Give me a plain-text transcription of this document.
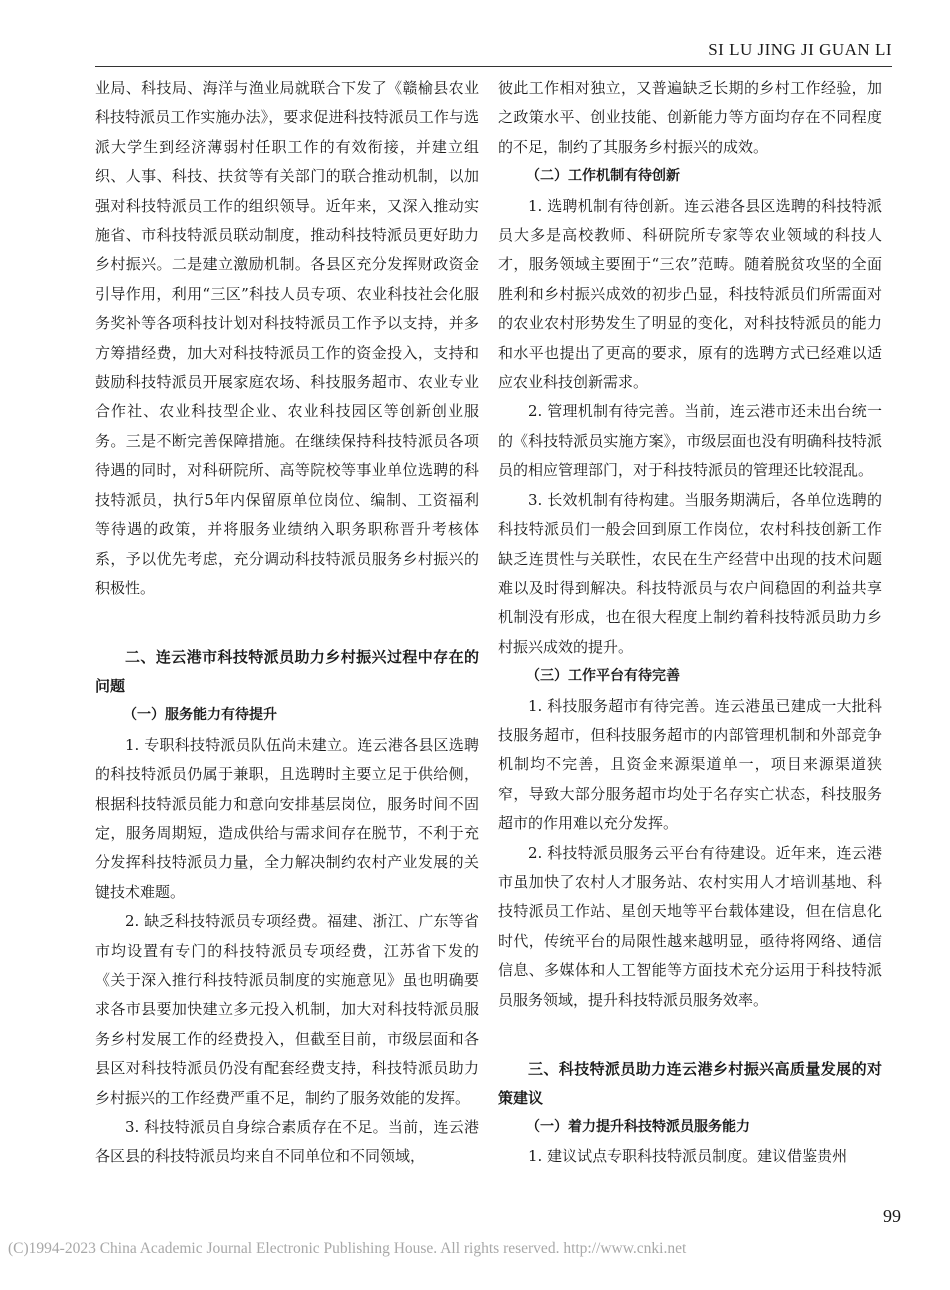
SI LU JING JI GUAN LI

业局、科技局、海洋与渔业局就联合下发了《赣榆县农业科技特派员工作实施办法》，要求促进科技特派员工作与选派大学生到经济薄弱村任职工作的有效衔接，并建立组织、人事、科技、扶贫等有关部门的联合推动机制，以加强对科技特派员工作的组织领导。近年来，又深入推动实施省、市科技特派员联动制度，推动科技特派员更好助力乡村振兴。二是建立激励机制。各县区充分发挥财政资金引导作用，利用“三区”科技人员专项、农业科技社会化服务奖补等各项科技计划对科技特派员工作予以支持，并多方筹措经费，加大对科技特派员工作的资金投入，支持和鼓励科技特派员开展家庭农场、科技服务超市、农业专业合作社、农业科技型企业、农业科技园区等创新创业服务。三是不断完善保障措施。在继续保持科技特派员各项待遇的同时，对科研院所、高等院校等事业单位选聘的科技特派员，执行5年内保留原单位岗位、编制、工资福利等待遇的政策，并将服务业绩纳入职务职称晋升考核体系，予以优先考虑，充分调动科技特派员服务乡村振兴的积极性。

二、连云港市科技特派员助力乡村振兴过程中存在的问题
（一）服务能力有待提升

1. 专职科技特派员队伍尚未建立。连云港各县区选聘的科技特派员仍属于兼职，且选聘时主要立足于供给侧，根据科技特派员能力和意向安排基层岗位，服务时间不固定，服务周期短，造成供给与需求间存在脱节，不利于充分发挥科技特派员力量，全力解决制约农村产业发展的关键技术难题。

2. 缺乏科技特派员专项经费。福建、浙江、广东等省市均设置有专门的科技特派员专项经费，江苏省下发的《关于深入推行科技特派员制度的实施意见》虽也明确要求各市县要加快建立多元投入机制，加大对科技特派员服务乡村发展工作的经费投入，但截至目前，市级层面和各县区对科技特派员仍没有配套经费支持，科技特派员助力乡村振兴的工作经费严重不足，制约了服务效能的发挥。

3. 科技特派员自身综合素质存在不足。当前，连云港各区县的科技特派员均来自不同单位和不同领域，

彼此工作相对独立，又普遍缺乏长期的乡村工作经验，加之政策水平、创业技能、创新能力等方面均存在不同程度的不足，制约了其服务乡村振兴的成效。

（二）工作机制有待创新

1. 选聘机制有待创新。连云港各县区选聘的科技特派员大多是高校教师、科研院所专家等农业领域的科技人才，服务领域主要囿于“三农”范畴。随着脱贫攻坚的全面胜利和乡村振兴成效的初步凸显，科技特派员们所需面对的农业农村形势发生了明显的变化，对科技特派员的能力和水平也提出了更高的要求，原有的选聘方式已经难以适应农业科技创新需求。

2. 管理机制有待完善。当前，连云港市还未出台统一的《科技特派员实施方案》，市级层面也没有明确科技特派员的相应管理部门，对于科技特派员的管理还比较混乱。

3. 长效机制有待构建。当服务期满后，各单位选聘的科技特派员们一般会回到原工作岗位，农村科技创新工作缺乏连贯性与关联性，农民在生产经营中出现的技术问题难以及时得到解决。科技特派员与农户间稳固的利益共享机制没有形成，也在很大程度上制约着科技特派员助力乡村振兴成效的提升。

（三）工作平台有待完善

1. 科技服务超市有待完善。连云港虽已建成一大批科技服务超市，但科技服务超市的内部管理机制和外部竞争机制均不完善，且资金来源渠道单一，项目来源渠道狭窄，导致大部分服务超市均处于名存实亡状态，科技服务超市的作用难以充分发挥。

2. 科技特派员服务云平台有待建设。近年来，连云港市虽加快了农村人才服务站、农村实用人才培训基地、科技特派员工作站、星创天地等平台载体建设，但在信息化时代，传统平台的局限性越来越明显，亟待将网络、通信信息、多媒体和人工智能等方面技术充分运用于科技特派员服务领域，提升科技特派员服务效率。

三、科技特派员助力连云港乡村振兴高质量发展的对策建议
（一）着力提升科技特派员服务能力

1. 建议试点专职科技特派员制度。建议借鉴贵州

99
(C)1994-2023 China Academic Journal Electronic Publishing House. All rights reserved. http://www.cnki.net
